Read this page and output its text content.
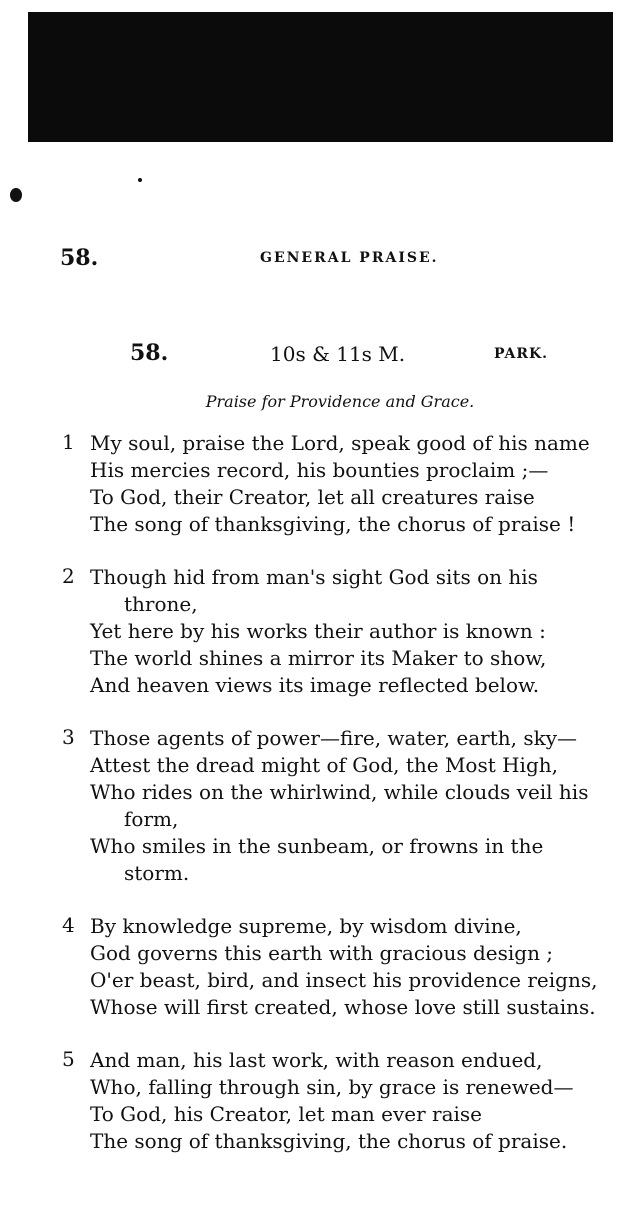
58.	GENERAL PRAISE.
58.	10s & 11s M.	PARK.
Praise for Providence and Grace.
1 My soul, praise the Lord, speak good of his name
His mercies record, his bounties proclaim ;—
To God, their Creator, let all creatures raise
The song of thanksgiving, the chorus of praise !
2 Though hid from man's sight God sits on his
throne,
Yet here by his works their author is known :
The world shines a mirror its Maker to show,
And heaven views its image reflected below.
3 Those agents of power—fire, water, earth, sky—
Attest the dread might of God, the Most High,
Who rides on the whirlwind, while clouds veil his
form,
Who smiles in the sunbeam, or frowns in the
storm.
4 By knowledge supreme, by wisdom divine,
God governs this earth with gracious design ;
O'er beast, bird, and insect his providence reigns,
Whose will first created, whose love still sustains.
5 And man, his last work, with reason endued,
Who, falling through sin, by grace is renewed—
To God, his Creator, let man ever raise
The song of thanksgiving, the chorus of praise.
